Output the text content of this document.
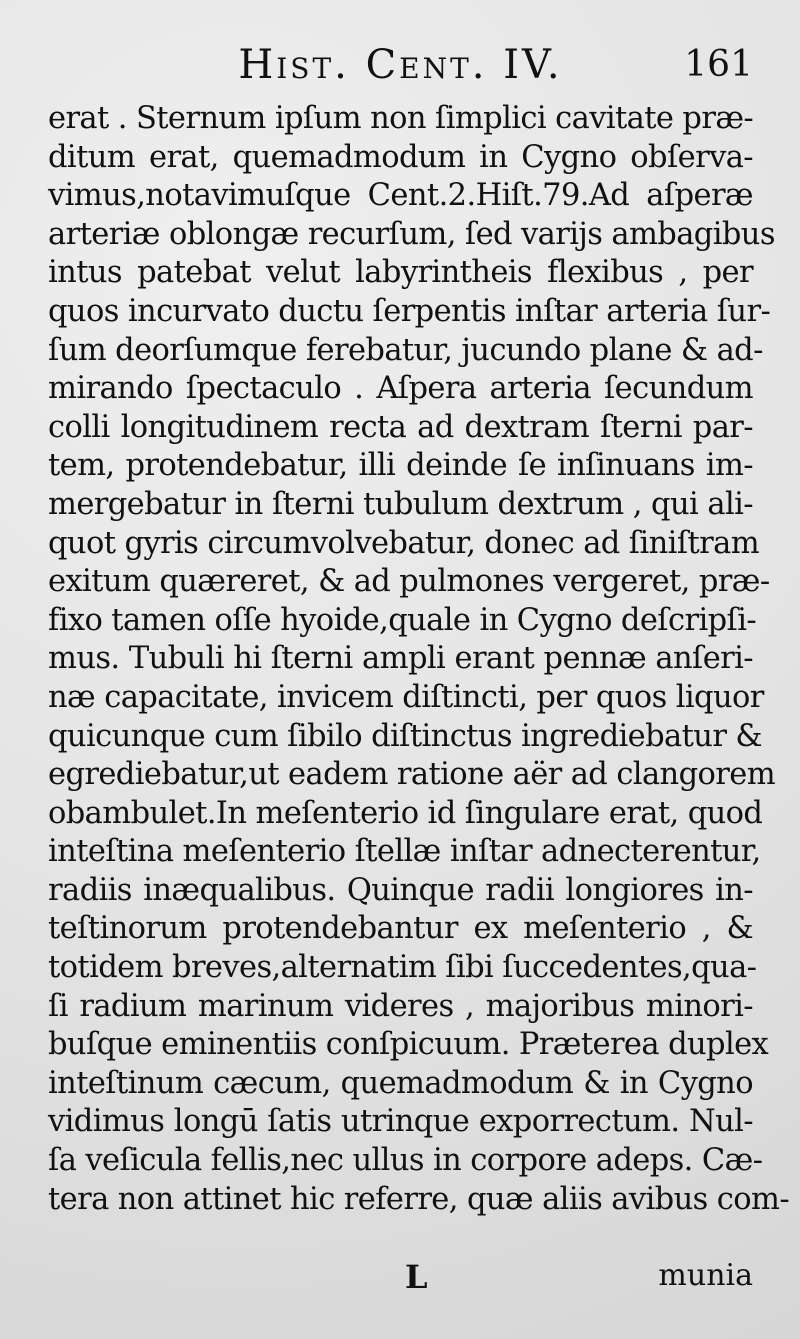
Hist. Cent. IV.	161
erat . Sternum ipſum non ſimplici cavitate præ-
ditum erat, quemadmodum in Cygno obſerva-
vimus,notavimuſque Cent.2.Hiſt.79.Ad aſperæ
arteriæ oblongæ recurſum, ſed varijs ambagibus
intus patebat velut labyrintheis flexibus , per
quos incurvato ductu ſerpentis inſtar arteria ſur-
ſum deorſumque ferebatur, jucundo plane & ad-
mirando ſpectaculo . Aſpera arteria ſecundum
colli longitudinem recta ad dextram ſterni par-
tem, protendebatur, illi deinde ſe inſinuans im-
mergebatur in ſterni tubulum dextrum , qui ali-
quot gyris circumvolvebatur, donec ad ſiniſtram
exitum quæreret, & ad pulmones vergeret, præ-
fixo tamen oſſe hyoide,quale in Cygno deſcripſi-
mus. Tubuli hi ſterni ampli erant pennæ anſeri-
næ capacitate, invicem diſtincti, per quos liquor
quicunque cum ſibilo diſtinctus ingrediebatur &
egrediebatur,ut eadem ratione aër ad clangorem
obambulet.In meſenterio id ſingulare erat, quod
inteſtina meſenterio ſtellæ inſtar adnecterentur,
radiis inæqualibus. Quinque radii longiores in-
teſtinorum protendebantur ex meſenterio , &
totidem breves,alternatim ſibi ſuccedentes,qua-
ſi radium marinum videres , majoribus minori-
buſque eminentiis conſpicuum. Præterea duplex
inteſtinum cæcum, quemadmodum & in Cygno
vidimus longū ſatis utrinque exporrectum. Nul-
ſa veſicula fellis,nec ullus in corpore adeps. Cæ-
tera non attinet hic referre, quæ aliis avibus com-
L	munia
